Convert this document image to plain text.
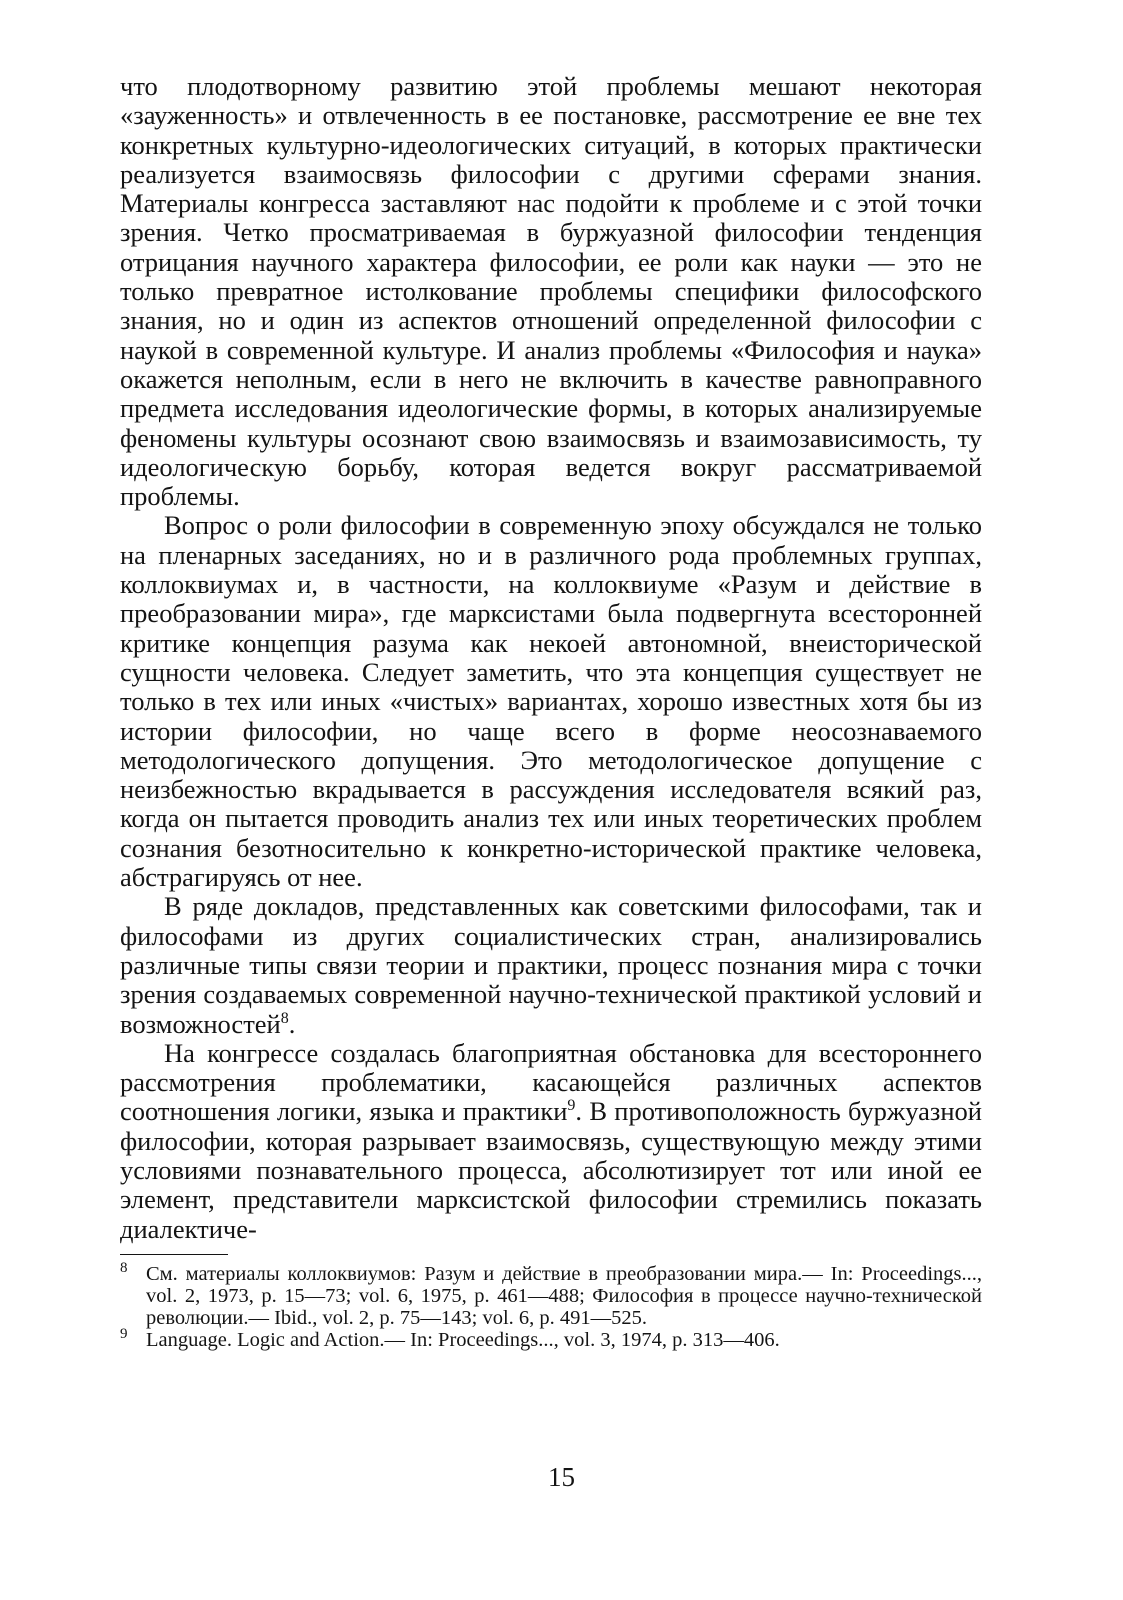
что плодотворному развитию этой проблемы мешают некоторая «зауженность» и отвлеченность в ее постановке, рассмотрение ее вне тех конкретных культурно-идеологических ситуаций, в которых практически реализуется взаимосвязь философии с другими сферами знания. Материалы конгресса заставляют нас подойти к проблеме и с этой точки зрения. Четко просматриваемая в буржуазной философии тенденция отрицания научного характера философии, ее роли как науки — это не только превратное истолкование проблемы специфики философского знания, но и один из аспектов отношений определенной философии с наукой в современной культуре. И анализ проблемы «Философия и наука» окажется неполным, если в него не включить в качестве равноправного предмета исследования идеологические формы, в которых анализируемые феномены культуры осознают свою взаимосвязь и взаимозависимость, ту идеологическую борьбу, которая ведется вокруг рассматриваемой проблемы.

Вопрос о роли философии в современную эпоху обсуждался не только на пленарных заседаниях, но и в различного рода проблемных группах, коллоквиумах и, в частности, на коллоквиуме «Разум и действие в преобразовании мира», где марксистами была подвергнута всесторонней критике концепция разума как некоей автономной, внеисторической сущности человека. Следует заметить, что эта концепция существует не только в тех или иных «чистых» вариантах, хорошо известных хотя бы из истории философии, но чаще всего в форме неосознаваемого методологического допущения. Это методологическое допущение с неизбежностью вкрадывается в рассуждения исследователя всякий раз, когда он пытается проводить анализ тех или иных теоретических проблем сознания безотносительно к конкретно-исторической практике человека, абстрагируясь от нее.

В ряде докладов, представленных как советскими философами, так и философами из других социалистических стран, анализировались различные типы связи теории и практики, процесс познания мира с точки зрения создаваемых современной научно-технической практикой условий и возможностей$^8$.

На конгрессе создалась благоприятная обстановка для всестороннего рассмотрения проблематики, касающейся различных аспектов соотношения логики, языка и практики$^9$. В противоположность буржуазной философии, которая разрывает взаимосвязь, существующую между этими условиями познавательного процесса, абсолютизирует тот или иной ее элемент, представители марксистской философии стремились показать диалектиче-

8 См. материалы коллоквиумов: Разум и действие в преобразовании мира.— In: Proceedings..., vol. 2, 1973, p. 15—73; vol. 6, 1975, p. 461—488; Философия в процессе научно-технической революции.— Ibid., vol. 2, p. 75—143; vol. 6, p. 491—525.

9 Language. Logic and Action.— In: Proceedings..., vol. 3, 1974, p. 313—406.

15
